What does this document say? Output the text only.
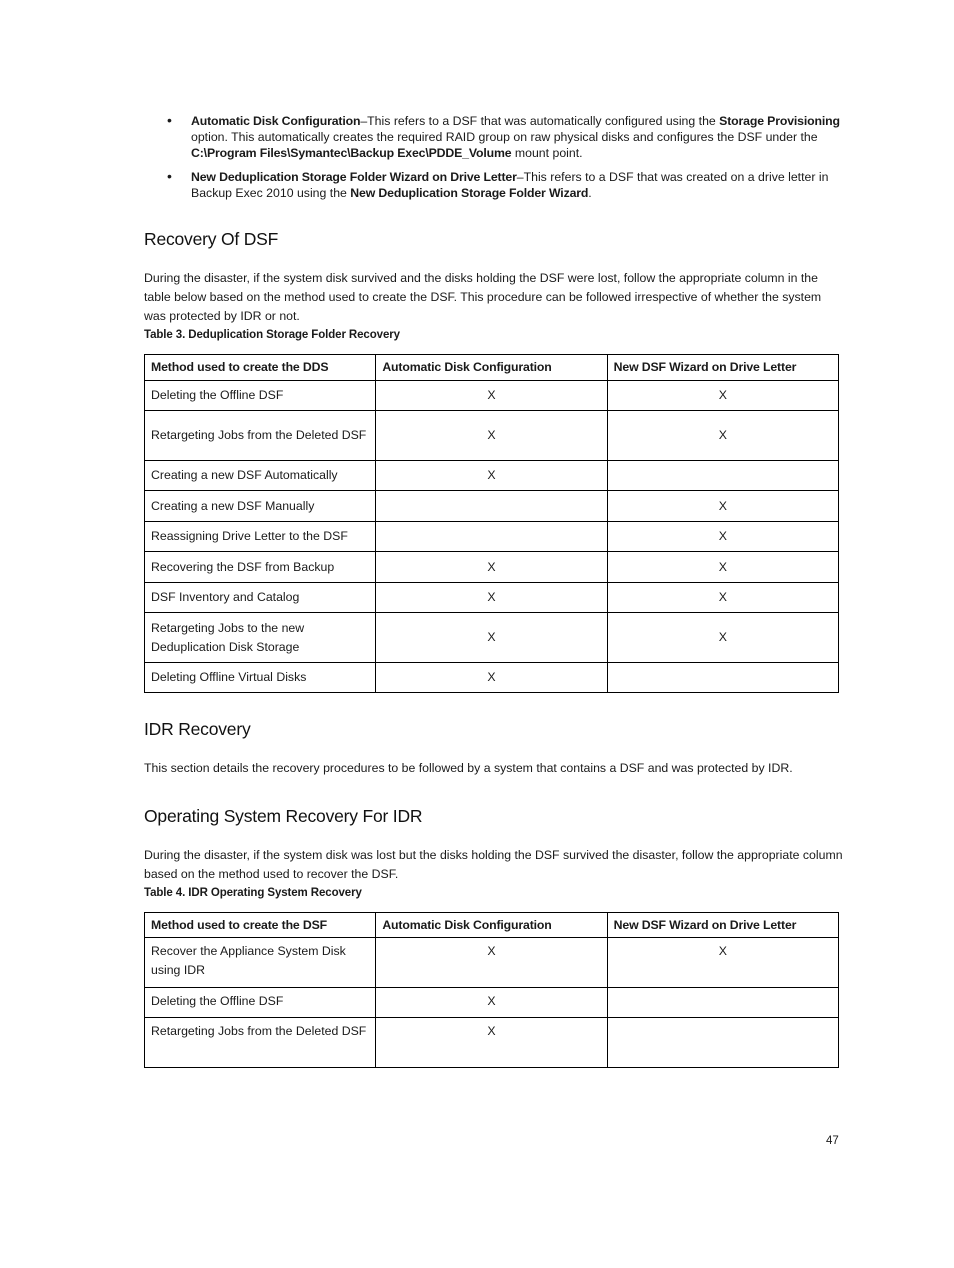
• Automatic Disk Configuration–This refers to a DSF that was automatically configured using the Storage Provisioning option. This automatically creates the required RAID group on raw physical disks and configures the DSF under the C:\Program Files\Symantec\Backup Exec\PDDE_Volume mount point.
• New Deduplication Storage Folder Wizard on Drive Letter–This refers to a DSF that was created on a drive letter in Backup Exec 2010 using the New Deduplication Storage Folder Wizard.
Recovery Of DSF

During the disaster, if the system disk survived and the disks holding the DSF were lost, follow the appropriate column in the table below based on the method used to create the DSF. This procedure can be followed irrespective of whether the system was protected by IDR or not.

Table 3. Deduplication Storage Folder Recovery

Method used to create the DDS	Automatic Disk Configuration	New DSF Wizard on Drive Letter
Deleting the Offline DSF	X	X
Retargeting Jobs from the Deleted DSF	X	X
Creating a new DSF Automatically	X	
Creating a new DSF Manually		X
Reassigning Drive Letter to the DSF		X
Recovering the DSF from Backup	X	X
DSF Inventory and Catalog	X	X
Retargeting Jobs to the new Deduplication Disk Storage	X	X
Deleting Offline Virtual Disks	X	
IDR Recovery

This section details the recovery procedures to be followed by a system that contains a DSF and was protected by IDR.

Operating System Recovery For IDR

During the disaster, if the system disk was lost but the disks holding the DSF survived the disaster, follow the appropriate column based on the method used to recover the DSF.

Table 4. IDR Operating System Recovery

Method used to create the DSF	Automatic Disk Configuration	New DSF Wizard on Drive Letter
Recover the Appliance System Disk using IDR	X	X
Deleting the Offline DSF	X	
Retargeting Jobs from the Deleted DSF	X	
47
